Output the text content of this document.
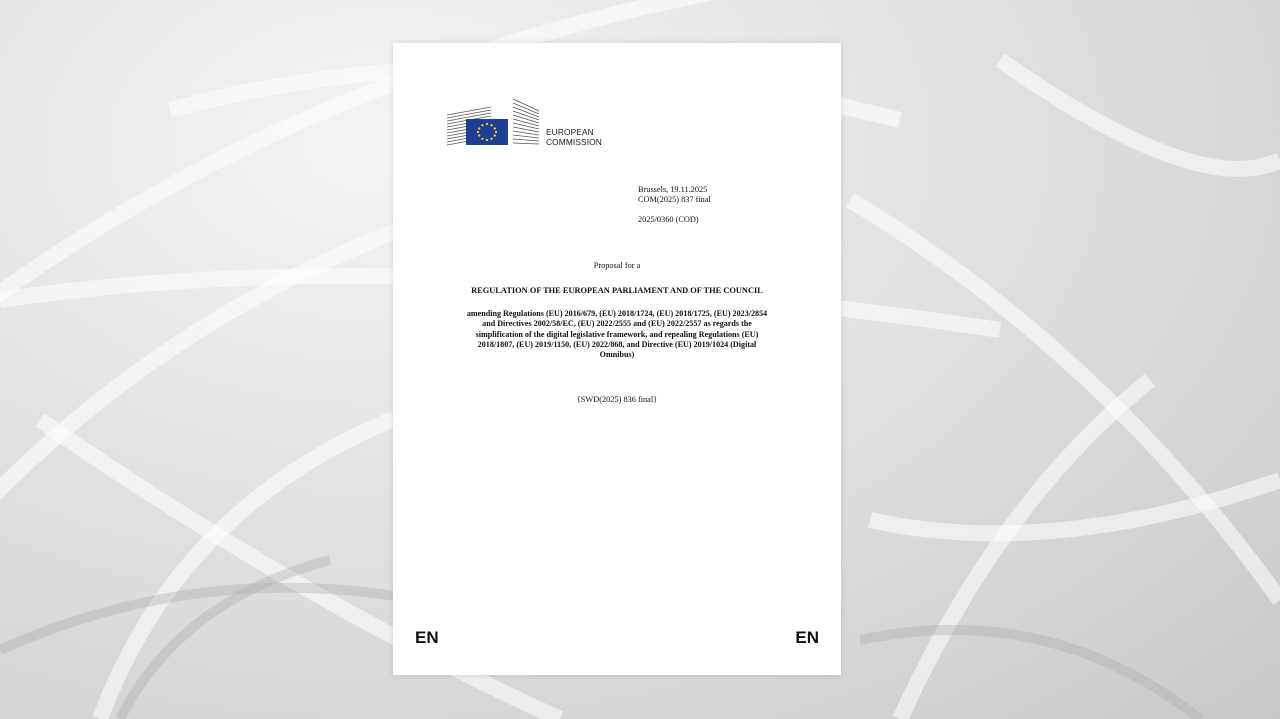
EUROPEAN
COMMISSION
Brussels, 19.11.2025
COM(2025) 837 final
2025/0360 (COD)
Proposal for a
REGULATION OF THE EUROPEAN PARLIAMENT AND OF THE COUNCIL
amending Regulations (EU) 2016/679, (EU) 2018/1724, (EU) 2018/1725, (EU) 2023/2854
and Directives 2002/58/EC, (EU) 2022/2555 and (EU) 2022/2557 as regards the
simplification of the digital legislative framework, and repealing Regulations (EU)
2018/1807, (EU) 2019/1150, (EU) 2022/868, and Directive (EU) 2019/1024 (Digital
Omnibus)
{SWD(2025) 836 final}
EN	EN
